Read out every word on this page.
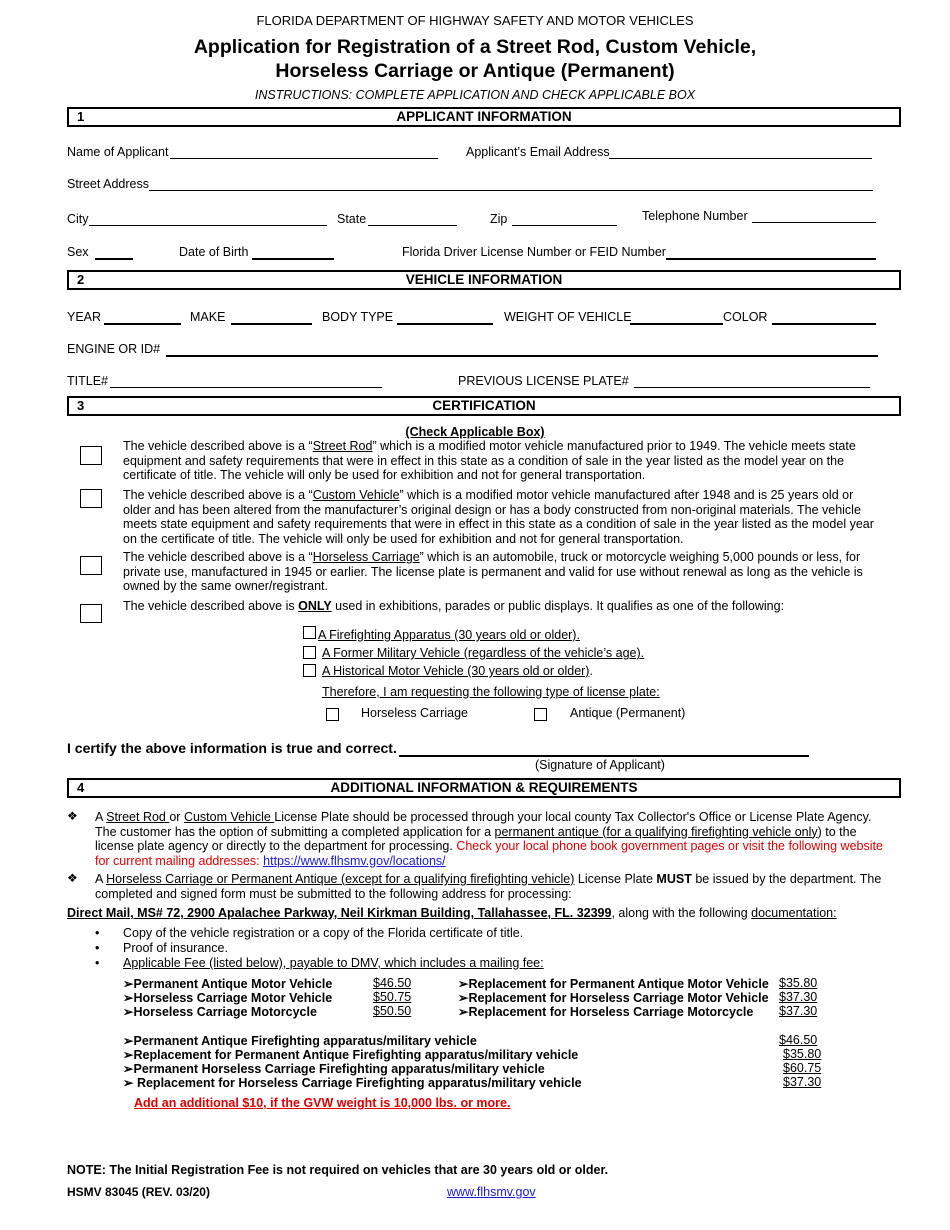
FLORIDA DEPARTMENT OF HIGHWAY SAFETY AND MOTOR VEHICLES
Application for Registration of a Street Rod, Custom Vehicle,
Horseless Carriage or Antique (Permanent)
INSTRUCTIONS: COMPLETE APPLICATION AND CHECK APPLICABLE BOX
1	APPLICANT INFORMATION
Name of Applicant	Applicant’s Email Address
Street Address
City	State	Zip	Telephone Number
Sex	Date of Birth	Florida Driver License Number or FEID Number
2	VEHICLE INFORMATION
YEAR	MAKE	BODY TYPE	WEIGHT OF VEHICLE	COLOR
ENGINE OR ID#
TITLE#	PREVIOUS LICENSE PLATE#
3	CERTIFICATION
(Check Applicable Box)
The vehicle described above is a “Street Rod” which is a modified motor vehicle manufactured prior to 1949. The vehicle meets state equipment and safety requirements that were in effect in this state as a condition of sale in the year listed as the model year on the certificate of title. The vehicle will only be used for exhibition and not for general transportation.
The vehicle described above is a “Custom Vehicle” which is a modified motor vehicle manufactured after 1948 and is 25 years old or older and has been altered from the manufacturer’s original design or has a body constructed from non-original materials. The vehicle meets state equipment and safety requirements that were in effect in this state as a condition of sale in the year listed as the model year on the certificate of title. The vehicle will only be used for exhibition and not for general transportation.
The vehicle described above is a “Horseless Carriage” which is an automobile, truck or motorcycle weighing 5,000 pounds or less, for private use, manufactured in 1945 or earlier. The license plate is permanent and valid for use without renewal as long as the vehicle is owned by the same owner/registrant.
The vehicle described above is ONLY used in exhibitions, parades or public displays. It qualifies as one of the following:
A Firefighting Apparatus (30 years old or older).
A Former Military Vehicle (regardless of the vehicle’s age).
A Historical Motor Vehicle (30 years old or older).
Therefore, I am requesting the following type of license plate:
Horseless Carriage	Antique (Permanent)
I certify the above information is true and correct.
(Signature of Applicant)
4	ADDITIONAL INFORMATION & REQUIREMENTS
❖ A Street Rod or Custom Vehicle License Plate should be processed through your local county Tax Collector's Office or License Plate Agency. The customer has the option of submitting a completed application for a permanent antique (for a qualifying firefighting vehicle only) to the license plate agency or directly to the department for processing. Check your local phone book government pages or visit the following website for current mailing addresses: https://www.flhsmv.gov/locations/
❖ A Horseless Carriage or Permanent Antique (except for a qualifying firefighting vehicle) License Plate MUST be issued by the department. The completed and signed form must be submitted to the following address for processing:
Direct Mail, MS# 72, 2900 Apalachee Parkway, Neil Kirkman Building, Tallahassee, FL. 32399, along with the following documentation:
• Copy of the vehicle registration or a copy of the Florida certificate of title.
• Proof of insurance.
• Applicable Fee (listed below), payable to DMV, which includes a mailing fee:
➢Permanent Antique Motor Vehicle	$46.50
➢Horseless Carriage Motor Vehicle	$50.75
➢Horseless Carriage Motorcycle	$50.50
➢Replacement for Permanent Antique Motor Vehicle $35.80
➢Replacement for Horseless Carriage Motor Vehicle $37.30
➢Replacement for Horseless Carriage Motorcycle $37.30
➢Permanent Antique Firefighting apparatus/military vehicle	$46.50
➢Replacement for Permanent Antique Firefighting apparatus/military vehicle	$35.80
➢Permanent Horseless Carriage Firefighting apparatus/military vehicle	$60.75
➢ Replacement for Horseless Carriage Firefighting apparatus/military vehicle	$37.30
Add an additional $10, if the GVW weight is 10,000 lbs. or more.
NOTE: The Initial Registration Fee is not required on vehicles that are 30 years old or older.
HSMV 83045 (REV. 03/20)	www.flhsmv.gov
